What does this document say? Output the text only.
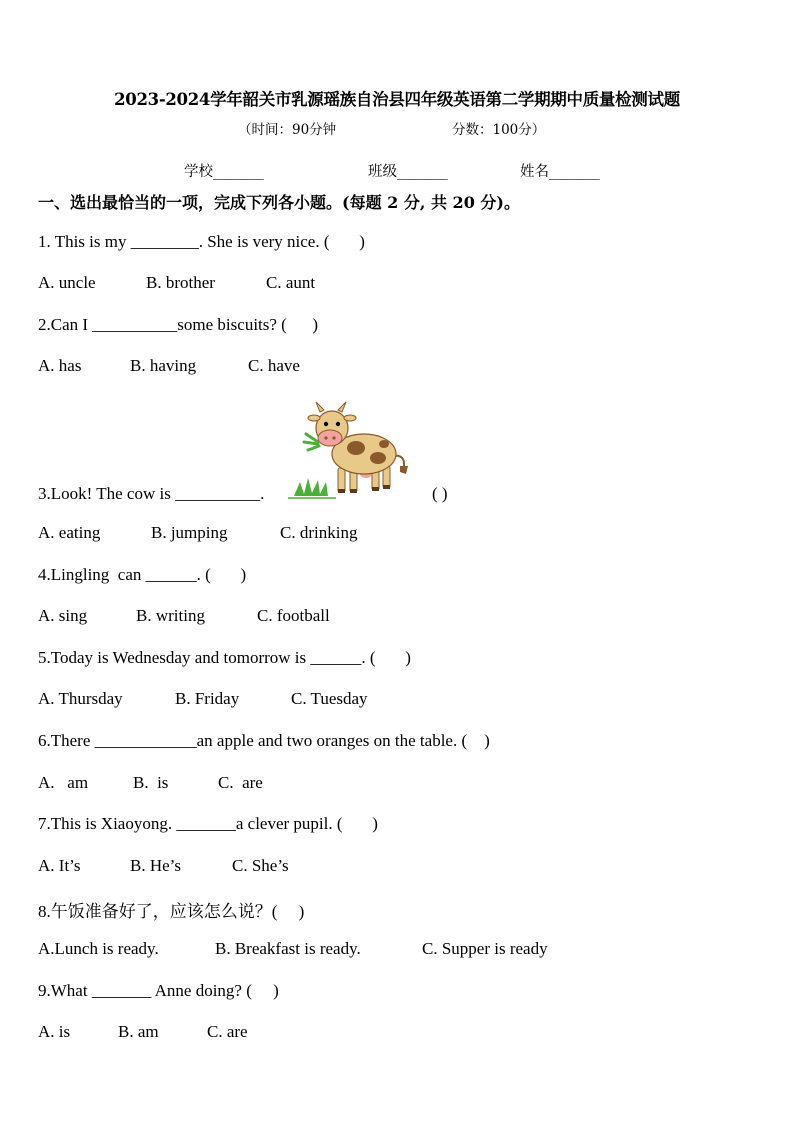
2023-2024学年韶关市乳源瑶族自治县四年级英语第二学期期中质量检测试题
（时间：90分钟	分数：100分）
学校_______	班级_______	姓名_______
一、选出最恰当的一项，完成下列各小题。(每题 2 分, 共 20 分)。
1. This is my ________. She is very nice. (       )
A. uncle	B. brother	C. aunt
2.Can I __________some biscuits? (      )
A. has	B. having	C. have
3.Look! The cow is __________.	( )
A. eating	B. jumping	C. drinking
4.Lingling  can ______. (       )
A. sing	B. writing	C. football
5.Today is Wednesday and tomorrow is ______. (       )
A. Thursday	B. Friday	C. Tuesday
6.There ____________an apple and two oranges on the table. (    )
A.   am	B.  is	C.  are
7.This is Xiaoyong. _______a clever pupil. (       )
A. It’s	B. He’s	C. She’s
8.午饭准备好了，应该怎么说？(     )
A.Lunch is ready.	B. Breakfast is ready.	C. Supper is ready
9.What _______ Anne doing? (     )
A. is	B. am	C. are
